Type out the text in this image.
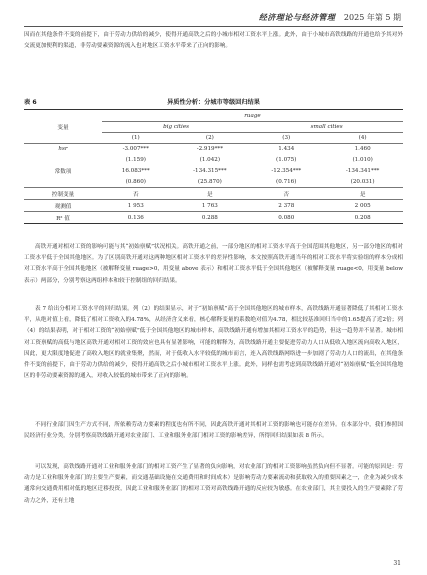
经济理论与经济管理 2025 年第 5 期
因而在其他条件不变的前提下，由于劳动力供给的减少，使得开通高铁之后的小城市相对工资水平上涨。此外，由于小城市高铁线路的开通也给予其对外交流更加便利的渠道，非劳动要素资源的流入也对地区工资水平带来了正向的影响。
表 6	异质性分析：分城市等级回归结果
变量	ruage			
	big cities		small cities	
	(1)	(2)	(3)	(4)
hsr	-3.007***	-2.919***	1.434	1.460
	(1.159)	(1.042)	(1.075)	(1.010)
常数项	16.083***	-134.315***	-12.354***	-134.341***
	(0.860)	(25.870)	(0.716)	(20.031)
控制变量	否	是	否	是
观测值	1 953	1 763	2 378	2 005
R² 值	0.136	0.288	0.080	0.208
高铁开通对相对工资的影响可能与其“初始禀赋”状况相关。高铁开通之前，一部分地区的相对工资水平高于全国范围其他地区，另一部分地区的相对工资水平低于全国其他地区。为了区别高铁开通对这两种地区相对工资水平的差异性影响，本文按照高铁开通当年的相对工资水平将实验组的样本分成相对工资水平高于全国其他地区（被解释变量 ruage>0，用变量 above 表示）和相对工资水平低于全国其他地区（被解释变量 ruage<0，用变量 below 表示）两部分，分别考察这两组样本和较于控制组的回归结果。
表 7 给出分相对工资水平的回归结果。列（2）的结果显示，对于“初始禀赋”高于全国其他地区的城市样本，高铁线路开通显著降低了其相对工资水平，从绝对值上看，降低了相对工资收入的4.78%，从经济含义来看，核心解释变量的系数绝对值为4.78，相比较基准回归当中的1.65提高了近2倍；列（4）的结果表明，对于相对工资的“初始禀赋”低于全国其他地区的城市样本，高铁线路开通有增加其相对工资水平的趋势，但这一趋势并不显著。城市相对工资禀赋的高低与地区高铁开通对相对工资的效应也具有显著影响，可能的解释为，高铁线路开通主要促进劳动力人口从低收入地区流向高收入地区，因此，更大限度地促进了高收入地区的就业集聚，然而，对于低收入水平较低的城市而言，连入高铁线路网络进一步加剧了劳动力人口的流出，在其他条件不变的前提下，由于劳动力供给的减少，使得开通高铁之后小城市相对工资水平上涨。此外，同样也需考虑到高铁线路开通对“初始禀赋”低全国其他地区的非劳动要素资源的通入，对收入较低的城市带来了正向的影响。
不同行业部门因生产方式不同，所依赖劳动力要素的程度也有所不同，因此高铁开通对其相对工资的影响也可能存在差异。在本部分中，我们参照国民经济行业分类，分别考察高铁线路开通对农业部门、工业和服务业部门相对工资的影响差异，所得回归结果如表 8 所示。
可以发现，高铁线路开通对工业和服务业部门的相对工资产生了显著的负向影响，对农业部门的相对工资影响虽然负向但不显著。可能的原因是：劳动力是工业和服务业部门的主要生产要素，而交通基础设施在交通费用和时间成本）是影响劳动力要素流动和获取收入的重要因素之一，企业为减少成本通常向交通费用相对低的地区迁移投资，因此工业和服务业部门的相对工资对高铁线路开通的反应较为敏感。在农业部门，其主要投入的生产要素除了劳动力之外，还有土地
31
